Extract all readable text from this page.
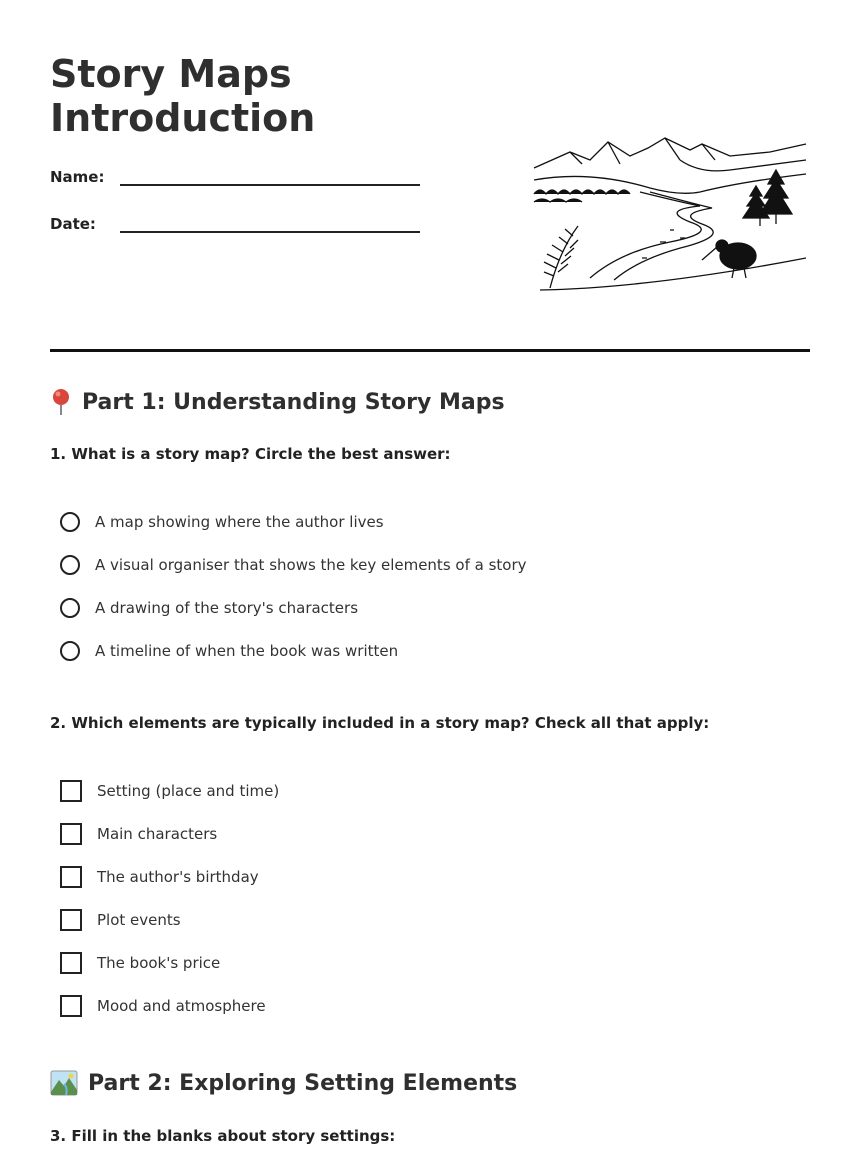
Story Maps Introduction
Name:
Date:
Part 1: Understanding Story Maps

1. What is a story map? Circle the best answer:

A map showing where the author lives
A visual organiser that shows the key elements of a story
A drawing of the story's characters
A timeline of when the book was written

2. Which elements are typically included in a story map? Check all that apply:

Setting (place and time)
Main characters
The author's birthday
Plot events
The book's price
Mood and atmosphere
Part 2: Exploring Setting Elements

3. Fill in the blanks about story settings:
